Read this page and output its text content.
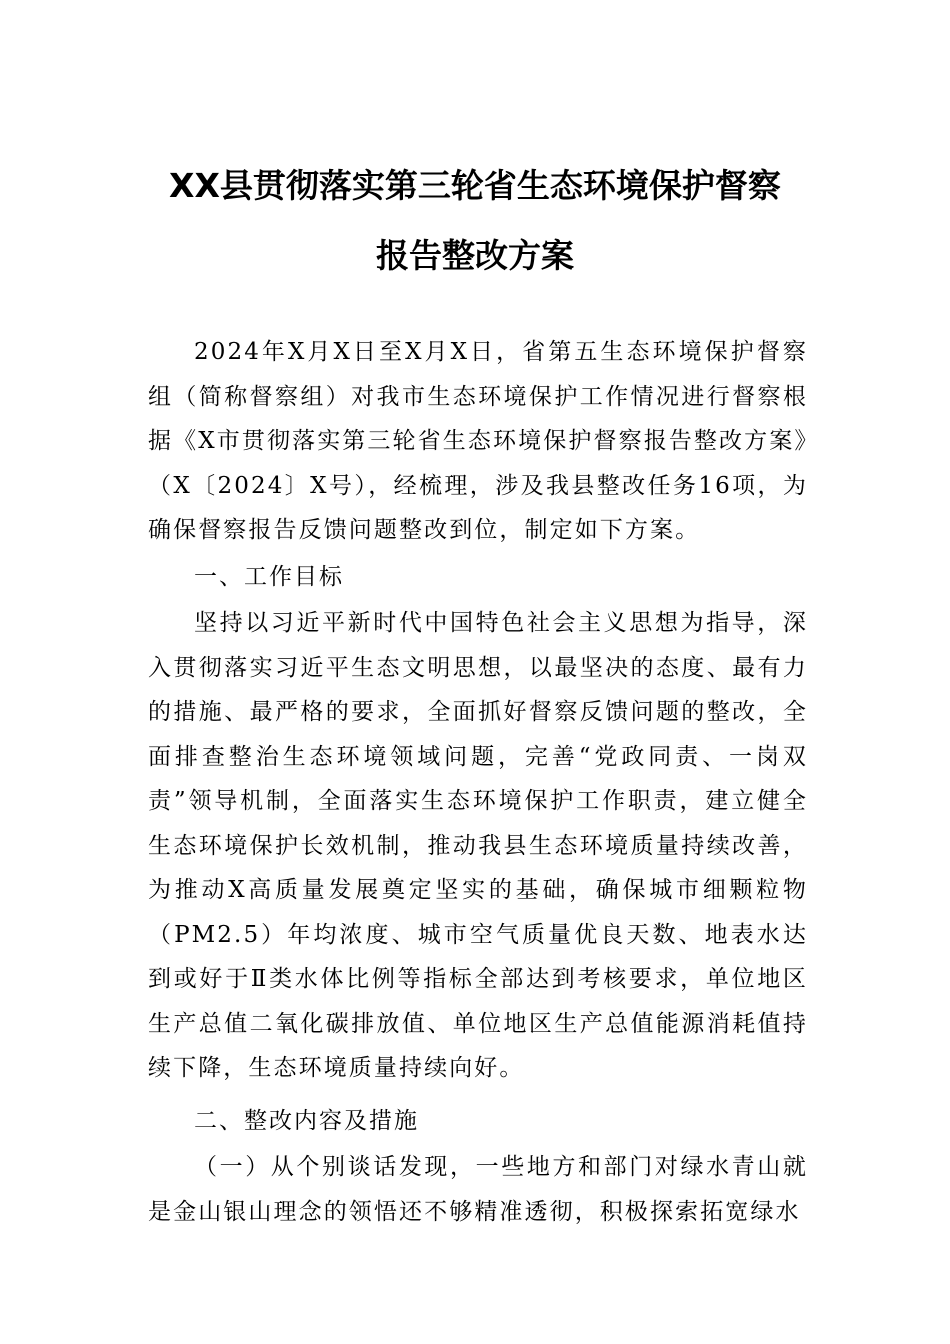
XX县贯彻落实第三轮省生态环境保护督察
报告整改方案

2024年X月X日至X月X日，省第五生态环境保护督察组（简称督察组）对我市生态环境保护工作情况进行督察根据《X市贯彻落实第三轮省生态环境保护督察报告整改方案》（X〔2024〕X号），经梳理，涉及我县整改任务16项，为确保督察报告反馈问题整改到位，制定如下方案。

一、工作目标

坚持以习近平新时代中国特色社会主义思想为指导，深入贯彻落实习近平生态文明思想，以最坚决的态度、最有力的措施、最严格的要求，全面抓好督察反馈问题的整改，全面排查整治生态环境领域问题，完善“党政同责、一岗双责”领导机制，全面落实生态环境保护工作职责，建立健全生态环境保护长效机制，推动我县生态环境质量持续改善，为推动X高质量发展奠定坚实的基础，确保城市细颗粒物（PM2.5）年均浓度、城市空气质量优良天数、地表水达到或好于Ⅱ类水体比例等指标全部达到考核要求，单位地区生产总值二氧化碳排放值、单位地区生产总值能源消耗值持续下降，生态环境质量持续向好。

二、整改内容及措施

（一）从个别谈话发现，一些地方和部门对绿水青山就是金山银山理念的领悟还不够精准透彻，积极探索拓宽绿水
